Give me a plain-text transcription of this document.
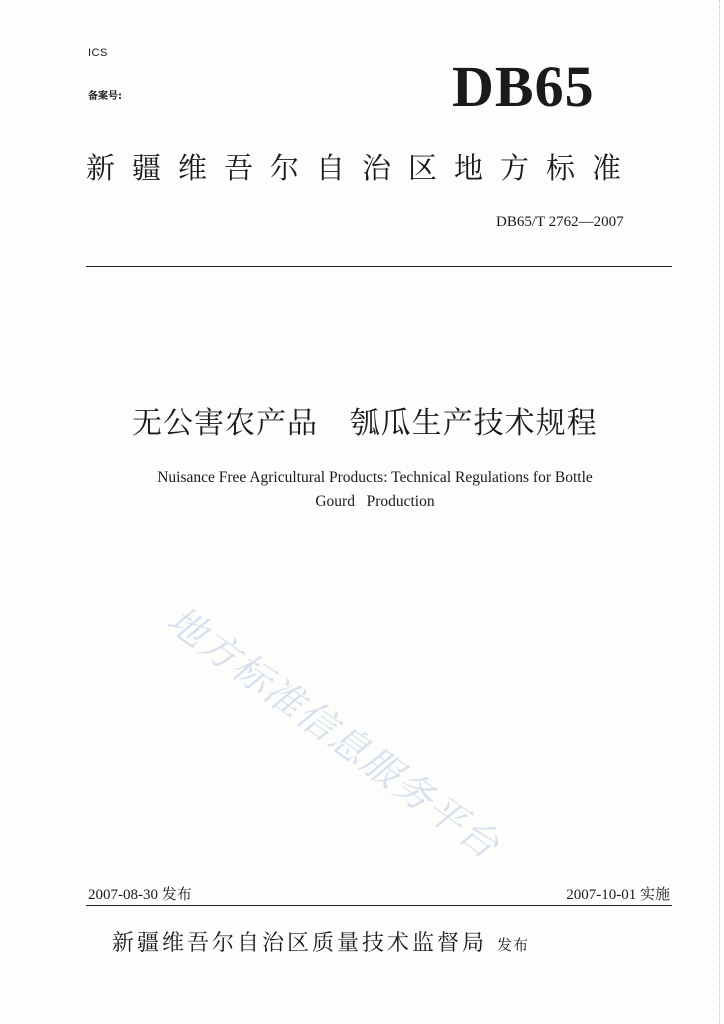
ICS
备案号:	DB65
新疆维吾尔自治区地方标准
DB65/T 2762—2007
无公害农产品   瓠瓜生产技术规程
Nuisance Free Agricultural Products: Technical Regulations for Bottle
Gourd   Production
地方标准信息服务平台
2007-08-30 发布	2007-10-01 实施
新疆维吾尔自治区质量技术监督局 发布
